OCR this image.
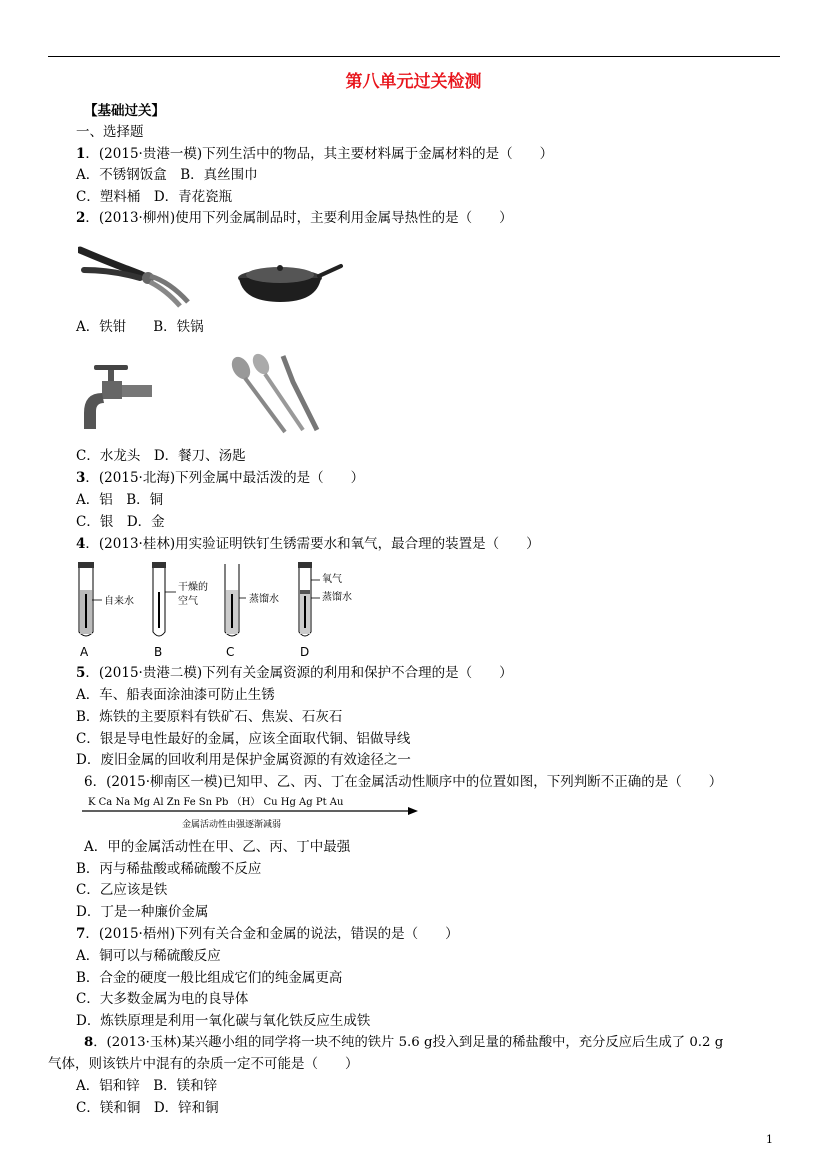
第八单元过关检测
【基础过关】
一、选择题
1．(2015·贵港一模)下列生活中的物品，其主要材料属于金属材料的是（　　）
A．不锈钢饭盒　B．真丝围巾
C．塑料桶　D．青花瓷瓶
2．(2013·柳州)使用下列金属制品时，主要利用金属导热性的是（　　）
A．铁钳　　B．铁锅
C．水龙头　D．餐刀、汤匙
3．(2015·北海)下列金属中最活泼的是（　　）
A．铝　B．铜
C．银　D．金
4．(2013·桂林)用实验证明铁钉生锈需要水和氧气，最合理的装置是（　　）
自来水
A
干燥的
空气
B
蒸馏水
C
氧气
蒸馏水
D
5．(2015·贵港二模)下列有关金属资源的利用和保护不合理的是（　　）
A．车、船表面涂油漆可防止生锈
B．炼铁的主要原料有铁矿石、焦炭、石灰石
C．银是导电性最好的金属，应该全面取代铜、铝做导线
D．废旧金属的回收利用是保护金属资源的有效途径之一
6．(2015·柳南区一模)已知甲、乙、丙、丁在金属活动性顺序中的位置如图，下列判断不正确的是（　　）
K Ca Na Mg Al Zn Fe Sn Pb （H） Cu Hg Ag Pt Au
金属活动性由强逐渐减弱
A．甲的金属活动性在甲、乙、丙、丁中最强
B．丙与稀盐酸或稀硫酸不反应
C．乙应该是铁
D．丁是一种廉价金属
7．(2015·梧州)下列有关合金和金属的说法，错误的是（　　）
A．铜可以与稀硫酸反应
B．合金的硬度一般比组成它们的纯金属更高
C．大多数金属为电的良导体
D．炼铁原理是利用一氧化碳与氧化铁反应生成铁
8．(2013·玉林)某兴趣小组的同学将一块不纯的铁片 5.6 g投入到足量的稀盐酸中，充分反应后生成了 0.2 g
气体，则该铁片中混有的杂质一定不可能是（　　）
A．铝和锌　B．镁和锌
C．镁和铜　D．锌和铜
1
